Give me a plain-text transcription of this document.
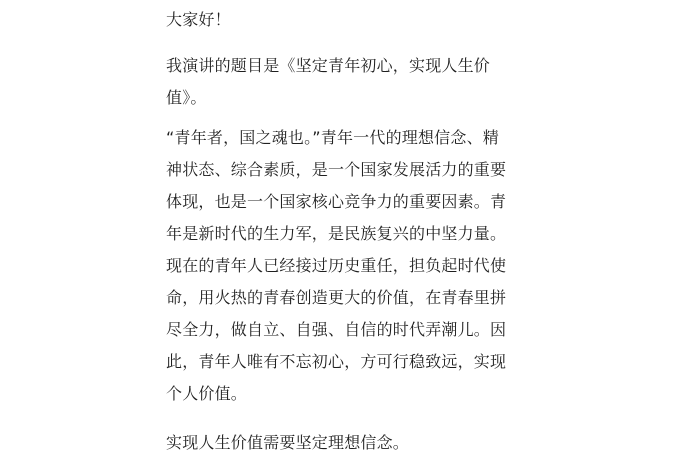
大家好！

我演讲的题目是《坚定青年初心，实现人生价
值》。

“青年者，国之魂也。”青年一代的理想信念、精
神状态、综合素质，是一个国家发展活力的重要
体现，也是一个国家核心竞争力的重要因素。青
年是新时代的生力军，是民族复兴的中坚力量。
现在的青年人已经接过历史重任，担负起时代使
命，用火热的青春创造更大的价值，在青春里拼
尽全力，做自立、自强、自信的时代弄潮儿。因
此，青年人唯有不忘初心，方可行稳致远，实现
个人价值。

实现人生价值需要坚定理想信念。
